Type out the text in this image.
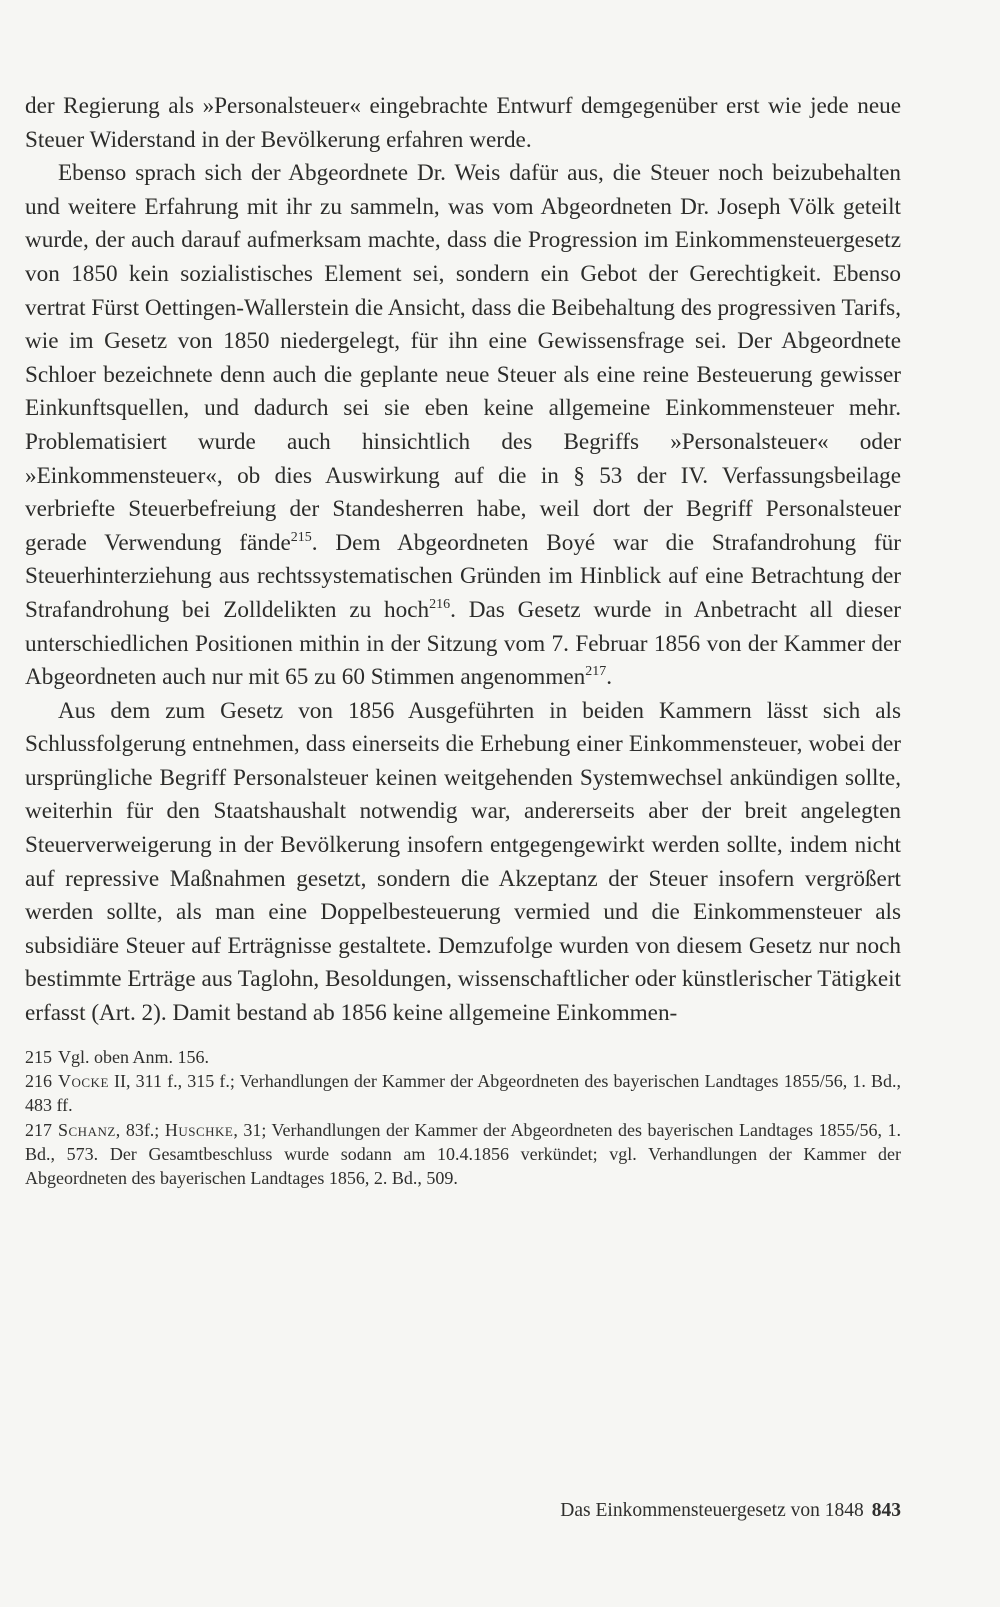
der Regierung als »Personalsteuer« eingebrachte Entwurf demgegenüber erst wie jede neue Steuer Widerstand in der Bevölkerung erfahren werde.

Ebenso sprach sich der Abgeordnete Dr. Weis dafür aus, die Steuer noch beizubehalten und weitere Erfahrung mit ihr zu sammeln, was vom Abgeordneten Dr. Joseph Völk geteilt wurde, der auch darauf aufmerksam machte, dass die Progression im Einkommensteuergesetz von 1850 kein sozialistisches Element sei, sondern ein Gebot der Gerechtigkeit. Ebenso vertrat Fürst Oettingen-Wallerstein die Ansicht, dass die Beibehaltung des progressiven Tarifs, wie im Gesetz von 1850 niedergelegt, für ihn eine Gewissensfrage sei. Der Abgeordnete Schloer bezeichnete denn auch die geplante neue Steuer als eine reine Besteuerung gewisser Einkunftsquellen, und dadurch sei sie eben keine allgemeine Einkommensteuer mehr. Problematisiert wurde auch hinsichtlich des Begriffs »Personalsteuer« oder »Einkommensteuer«, ob dies Auswirkung auf die in § 53 der IV. Verfassungsbeilage verbriefte Steuerbefreiung der Standesherren habe, weil dort der Begriff Personalsteuer gerade Verwendung fände$^{215}$. Dem Abgeordneten Boyé war die Strafandrohung für Steuerhinterziehung aus rechtssystematischen Gründen im Hinblick auf eine Betrachtung der Strafandrohung bei Zolldelikten zu hoch$^{216}$. Das Gesetz wurde in Anbetracht all dieser unterschiedlichen Positionen mithin in der Sitzung vom 7. Februar 1856 von der Kammer der Abgeordneten auch nur mit 65 zu 60 Stimmen angenommen$^{217}$.

Aus dem zum Gesetz von 1856 Ausgeführten in beiden Kammern lässt sich als Schlussfolgerung entnehmen, dass einerseits die Erhebung einer Einkommensteuer, wobei der ursprüngliche Begriff Personalsteuer keinen weitgehenden Systemwechsel ankündigen sollte, weiterhin für den Staatshaushalt notwendig war, andererseits aber der breit angelegten Steuerverweigerung in der Bevölkerung insofern entgegengewirkt werden sollte, indem nicht auf repressive Maßnahmen gesetzt, sondern die Akzeptanz der Steuer insofern vergrößert werden sollte, als man eine Doppelbesteuerung vermied und die Einkommensteuer als subsidiäre Steuer auf Erträgnisse gestaltete. Demzufolge wurden von diesem Gesetz nur noch bestimmte Erträge aus Taglohn, Besoldungen, wissenschaftlicher oder künstlerischer Tätigkeit erfasst (Art. 2). Damit bestand ab 1856 keine allgemeine Einkommen-

215 Vgl. oben Anm. 156.

216 Vocke II, 311 f., 315 f.; Verhandlungen der Kammer der Abgeordneten des bayerischen Landtages 1855/56, 1. Bd., 483 ff.

217 Schanz, 83f.; Huschke, 31; Verhandlungen der Kammer der Abgeordneten des bayerischen Landtages 1855/56, 1. Bd., 573. Der Gesamtbeschluss wurde sodann am 10.4.1856 verkündet; vgl. Verhandlungen der Kammer der Abgeordneten des bayerischen Landtages 1856, 2. Bd., 509.

Das Einkommensteuergesetz von 1848 843
